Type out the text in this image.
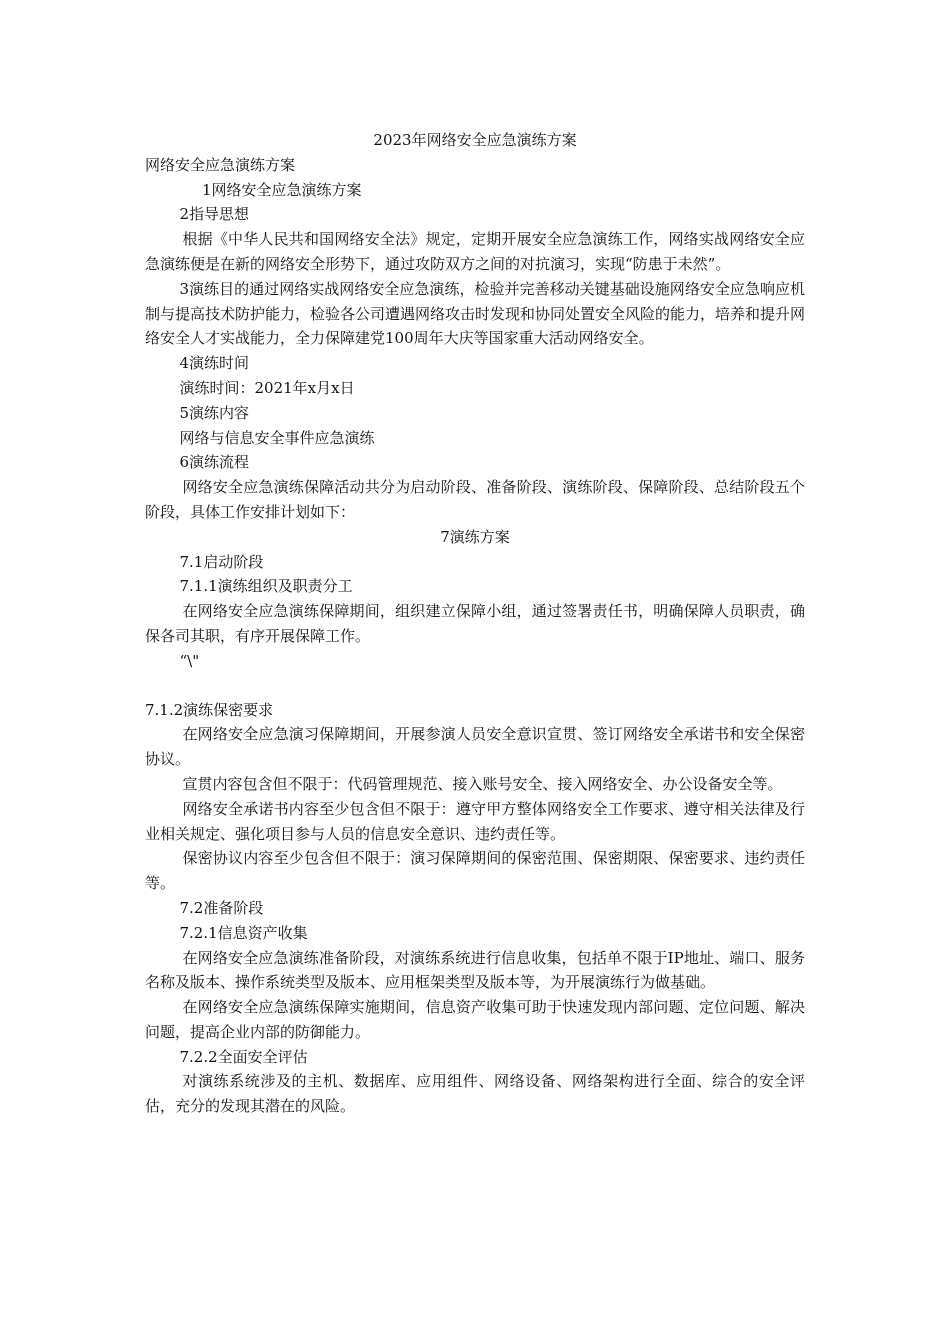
2023年网络安全应急演练方案

网络安全应急演练方案

1网络安全应急演练方案

2指导思想

根据《中华人民共和国网络安全法》规定，定期开展安全应急演练工作，网络实战网络安全应急演练便是在新的网络安全形势下，通过攻防双方之间的对抗演习，实现“防患于未然”。

3演练目的通过网络实战网络安全应急演练，检验并完善移动关键基础设施网络安全应急响应机制与提高技术防护能力，检验各公司遭遇网络攻击时发现和协同处置安全风险的能力，培养和提升网络安全人才实战能力，全力保障建党100周年大庆等国家重大活动网络安全。

4演练时间

演练时间：2021年x月x日

5演练内容

网络与信息安全事件应急演练

6演练流程

网络安全应急演练保障活动共分为启动阶段、准备阶段、演练阶段、保障阶段、总结阶段五个阶段，具体工作安排计划如下：

7演练方案

7.1启动阶段

7.1.1演练组织及职责分工

在网络安全应急演练保障期间，组织建立保障小组，通过签署责任书，明确保障人员职责，确保各司其职，有序开展保障工作。

“\"

7.1.2演练保密要求

在网络安全应急演习保障期间，开展参演人员安全意识宣贯、签订网络安全承诺书和安全保密协议。

宣贯内容包含但不限于：代码管理规范、接入账号安全、接入网络安全、办公设备安全等。

网络安全承诺书内容至少包含但不限于：遵守甲方整体网络安全工作要求、遵守相关法律及行业相关规定、强化项目参与人员的信息安全意识、违约责任等。

保密协议内容至少包含但不限于：演习保障期间的保密范围、保密期限、保密要求、违约责任等。

7.2准备阶段

7.2.1信息资产收集

在网络安全应急演练准备阶段，对演练系统进行信息收集，包括单不限于IP地址、端口、服务名称及版本、操作系统类型及版本、应用框架类型及版本等，为开展演练行为做基础。

在网络安全应急演练保障实施期间，信息资产收集可助于快速发现内部问题、定位问题、解决问题，提高企业内部的防御能力。

7.2.2全面安全评估

对演练系统涉及的主机、数据库、应用组件、网络设备、网络架构进行全面、综合的安全评估，充分的发现其潜在的风险。
